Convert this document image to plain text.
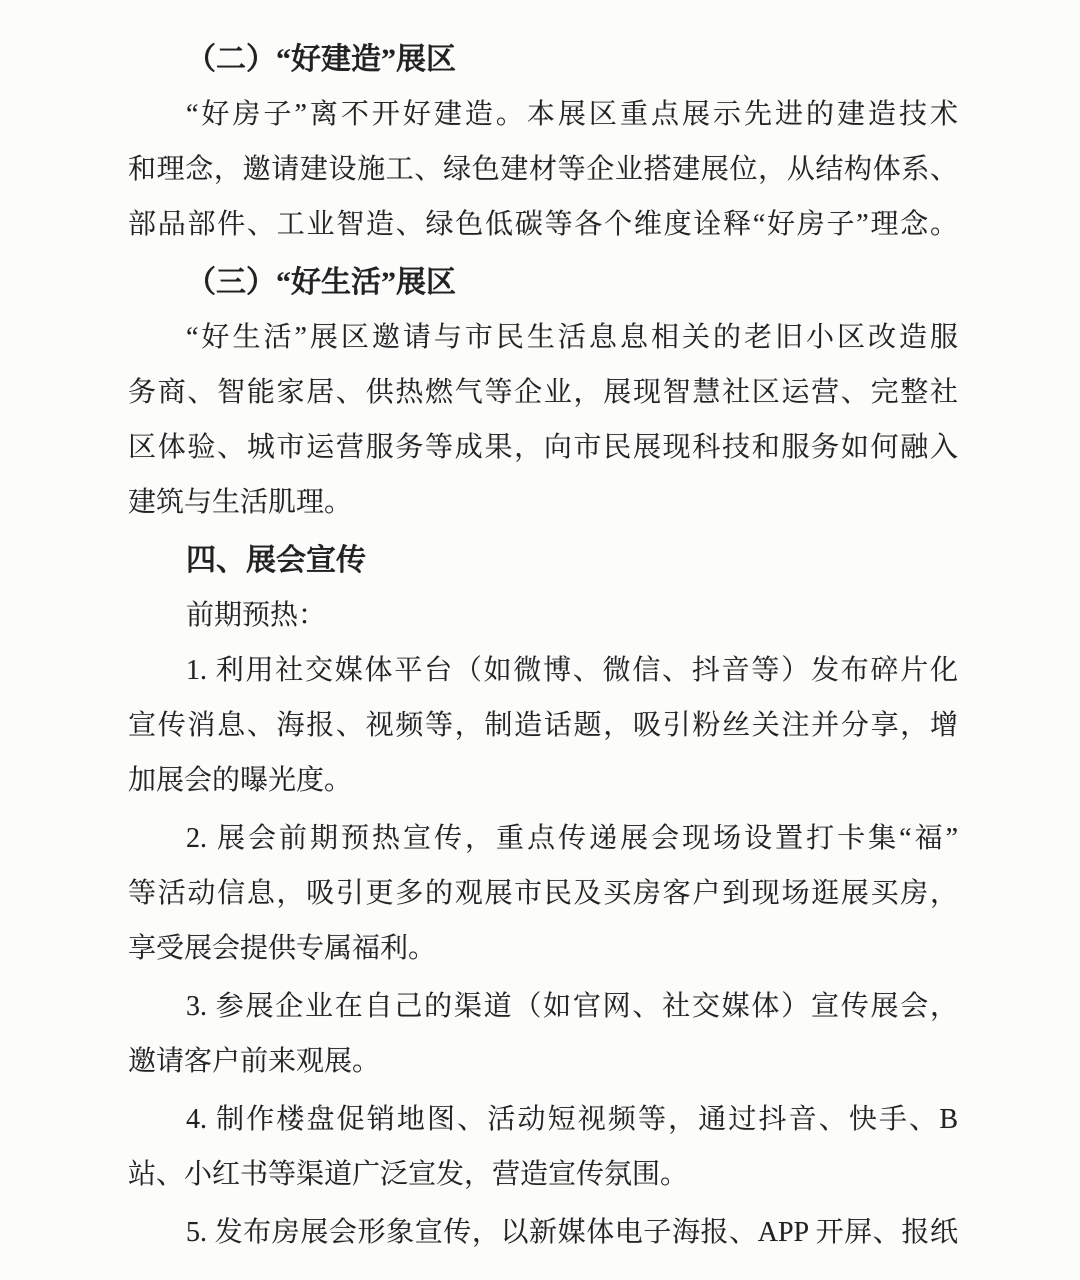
（二）“好建造”展区
“好房子”离不开好建造。本展区重点展示先进的建造技术
和理念，邀请建设施工、绿色建材等企业搭建展位，从结构体系、
部品部件、工业智造、绿色低碳等各个维度诠释“好房子”理念。
（三）“好生活”展区
“好生活”展区邀请与市民生活息息相关的老旧小区改造服
务商、智能家居、供热燃气等企业，展现智慧社区运营、完整社
区体验、城市运营服务等成果，向市民展现科技和服务如何融入
建筑与生活肌理。
四、展会宣传
前期预热：
1. 利用社交媒体平台（如微博、微信、抖音等）发布碎片化
宣传消息、海报、视频等，制造话题，吸引粉丝关注并分享，增
加展会的曝光度。
2. 展会前期预热宣传，重点传递展会现场设置打卡集“福”
等活动信息，吸引更多的观展市民及买房客户到现场逛展买房，
享受展会提供专属福利。
3. 参展企业在自己的渠道（如官网、社交媒体）宣传展会，
邀请客户前来观展。
4. 制作楼盘促销地图、活动短视频等，通过抖音、快手、B
站、小红书等渠道广泛宣发，营造宣传氛围。
5. 发布房展会形象宣传，以新媒体电子海报、APP 开屏、报纸
